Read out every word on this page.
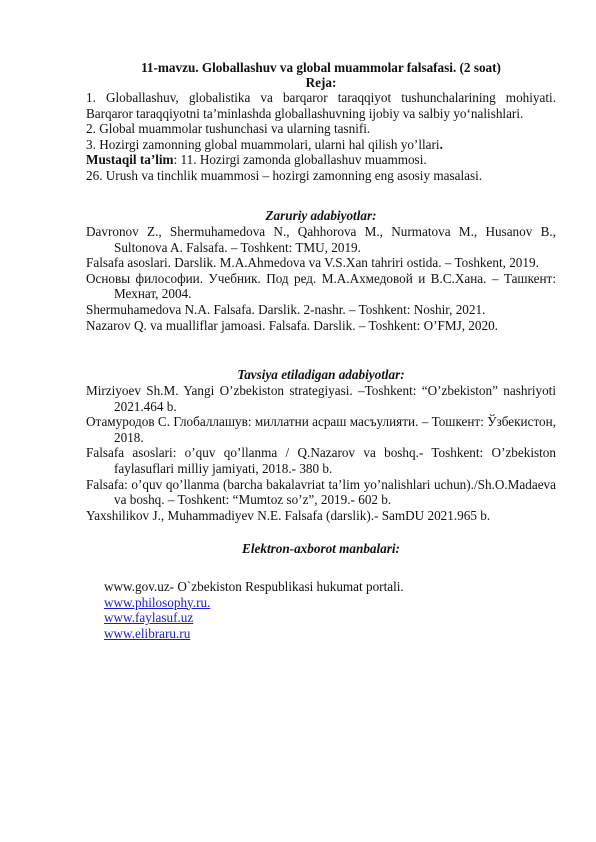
11-mavzu. Globallashuv va global muammolar falsafasi. (2 soat)
Reja:

1. Globallashuv, globalistika va barqaror taraqqiyot tushunchalarining mohiyati.

Barqaror taraqqiyotni ta’minlashda globallashuvning ijobiy va salbiy yo‘nalishlari.

2. Global muammolar tushunchasi va ularning tasnifi.

3. Hozirgi zamonning global muammolari, ularni hal qilish yo’llari.

Mustaqil ta’lim: 11. Hozirgi zamonda globallashuv muammosi.

26. Urush va tinchlik muammosi – hozirgi zamonning eng asosiy masalasi.

Zaruriy adabiyotlar:

Davronov Z., Shermuhamedova N., Qahhorova M., Nurmatova M., Husanov B., Sultonova A. Falsafa. – Toshkent: TMU, 2019.

Falsafa asoslari. Darslik. M.A.Ahmedova va V.S.Xan tahriri ostida. – Toshkent, 2019.

Основы философии. Учебник. Под ред. М.А.Ахмедовой и В.С.Хана. – Ташкент: Мехнат, 2004.

Shermuhamedova N.A. Falsafa. Darslik. 2-nashr. – Toshkent: Noshir, 2021.

Nazarov Q. va mualliflar jamoasi. Falsafa. Darslik. – Toshkent: O’FMJ, 2020.

Tavsiya etiladigan adabiyotlar:

Mirziyoev Sh.M. Yangi O’zbekiston strategiyasi. –Toshkent: “O’zbekiston” nashriyoti 2021.464 b.

Отамуродов С. Глобаллашув: миллатни асраш масъулияти. – Тошкент: Ўзбекистон, 2018.

Falsafa asoslari: o’quv qo’llanma / Q.Nazarov va boshq.- Toshkent: O’zbekiston faylasuflari milliy jamiyati, 2018.- 380 b.

Falsafa: o’quv qo’llanma (barcha bakalavriat ta’lim yo’nalishlari uchun)./Sh.O.Madaeva va boshq. – Toshkent: “Mumtoz so’z”, 2019.- 602 b.

Yaxshilikov J., Muhammadiyev N.E. Falsafa (darslik).- SamDU 2021.965 b.

Elektron-axborot manbalari:

www.gov.uz- O`zbekiston Respublikasi hukumat portali.

www.philosophy.ru.

www.faylasuf.uz

www.elibraru.ru
